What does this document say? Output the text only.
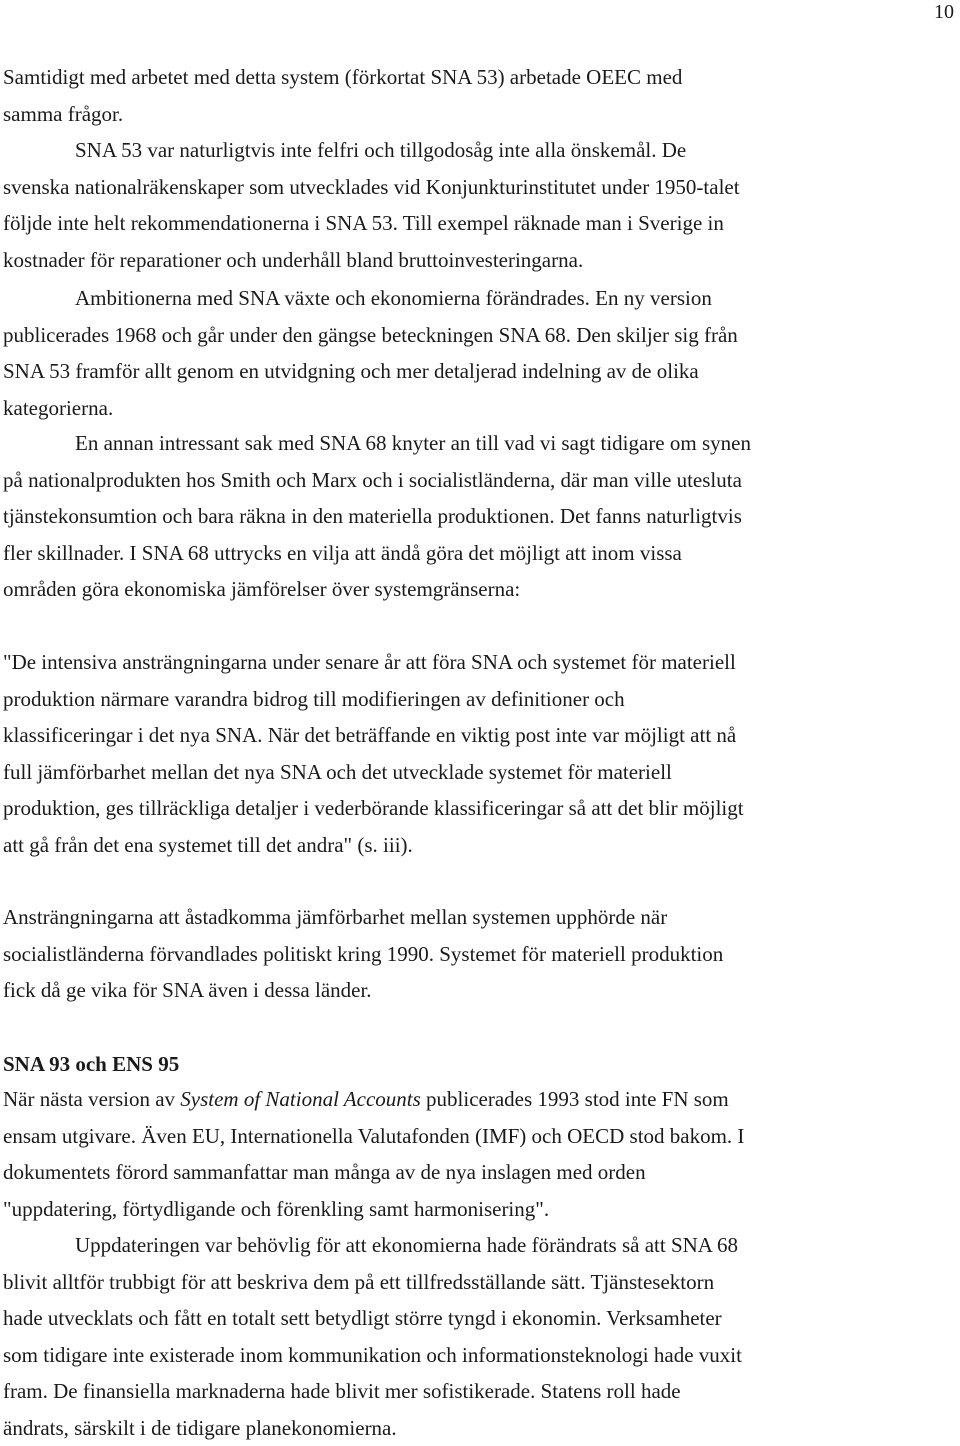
10
Samtidigt med arbetet med detta system (förkortat SNA 53) arbetade OEEC med
samma frågor.
SNA 53 var naturligtvis inte felfri och tillgodosåg inte alla önskemål. De
svenska nationalräkenskaper som utvecklades vid Konjunkturinstitutet under 1950-talet
följde inte helt rekommendationerna i SNA 53. Till exempel räknade man i Sverige in
kostnader för reparationer och underhåll bland bruttoinvesteringarna.
Ambitionerna med SNA växte och ekonomierna förändrades. En ny version
publicerades 1968 och går under den gängse beteckningen SNA 68. Den skiljer sig från
SNA 53 framför allt genom en utvidgning och mer detaljerad indelning av de olika
kategorierna.
En annan intressant sak med SNA 68 knyter an till vad vi sagt tidigare om synen
på nationalprodukten hos Smith och Marx och i socialistländerna, där man ville utesluta
tjänstekonsumtion och bara räkna in den materiella produktionen. Det fanns naturligtvis
fler skillnader. I SNA 68 uttrycks en vilja att ändå göra det möjligt att inom vissa
områden göra ekonomiska jämförelser över systemgränserna:
"De intensiva ansträngningarna under senare år att föra SNA och systemet för materiell
produktion närmare varandra bidrog till modifieringen av definitioner och
klassificeringar i det nya SNA. När det beträffande en viktig post inte var möjligt att nå
full jämförbarhet mellan det nya SNA och det utvecklade systemet för materiell
produktion, ges tillräckliga detaljer i vederbörande klassificeringar så att det blir möjligt
att gå från det ena systemet till det andra" (s. iii).
Ansträngningarna att åstadkomma jämförbarhet mellan systemen upphörde när
socialistländerna förvandlades politiskt kring 1990. Systemet för materiell produktion
fick då ge vika för SNA även i dessa länder.
SNA 93 och ENS 95
När nästa version av System of National Accounts publicerades 1993 stod inte FN som
ensam utgivare. Även EU, Internationella Valutafonden (IMF) och OECD stod bakom. I
dokumentets förord sammanfattar man många av de nya inslagen med orden
"uppdatering, förtydligande och förenkling samt harmonisering".
Uppdateringen var behövlig för att ekonomierna hade förändrats så att SNA 68
blivit alltför trubbigt för att beskriva dem på ett tillfredsställande sätt. Tjänstesektorn
hade utvecklats och fått en totalt sett betydligt större tyngd i ekonomin. Verksamheter
som tidigare inte existerade inom kommunikation och informationsteknologi hade vuxit
fram. De finansiella marknaderna hade blivit mer sofistikerade. Statens roll hade
ändrats, särskilt i de tidigare planekonomierna.
